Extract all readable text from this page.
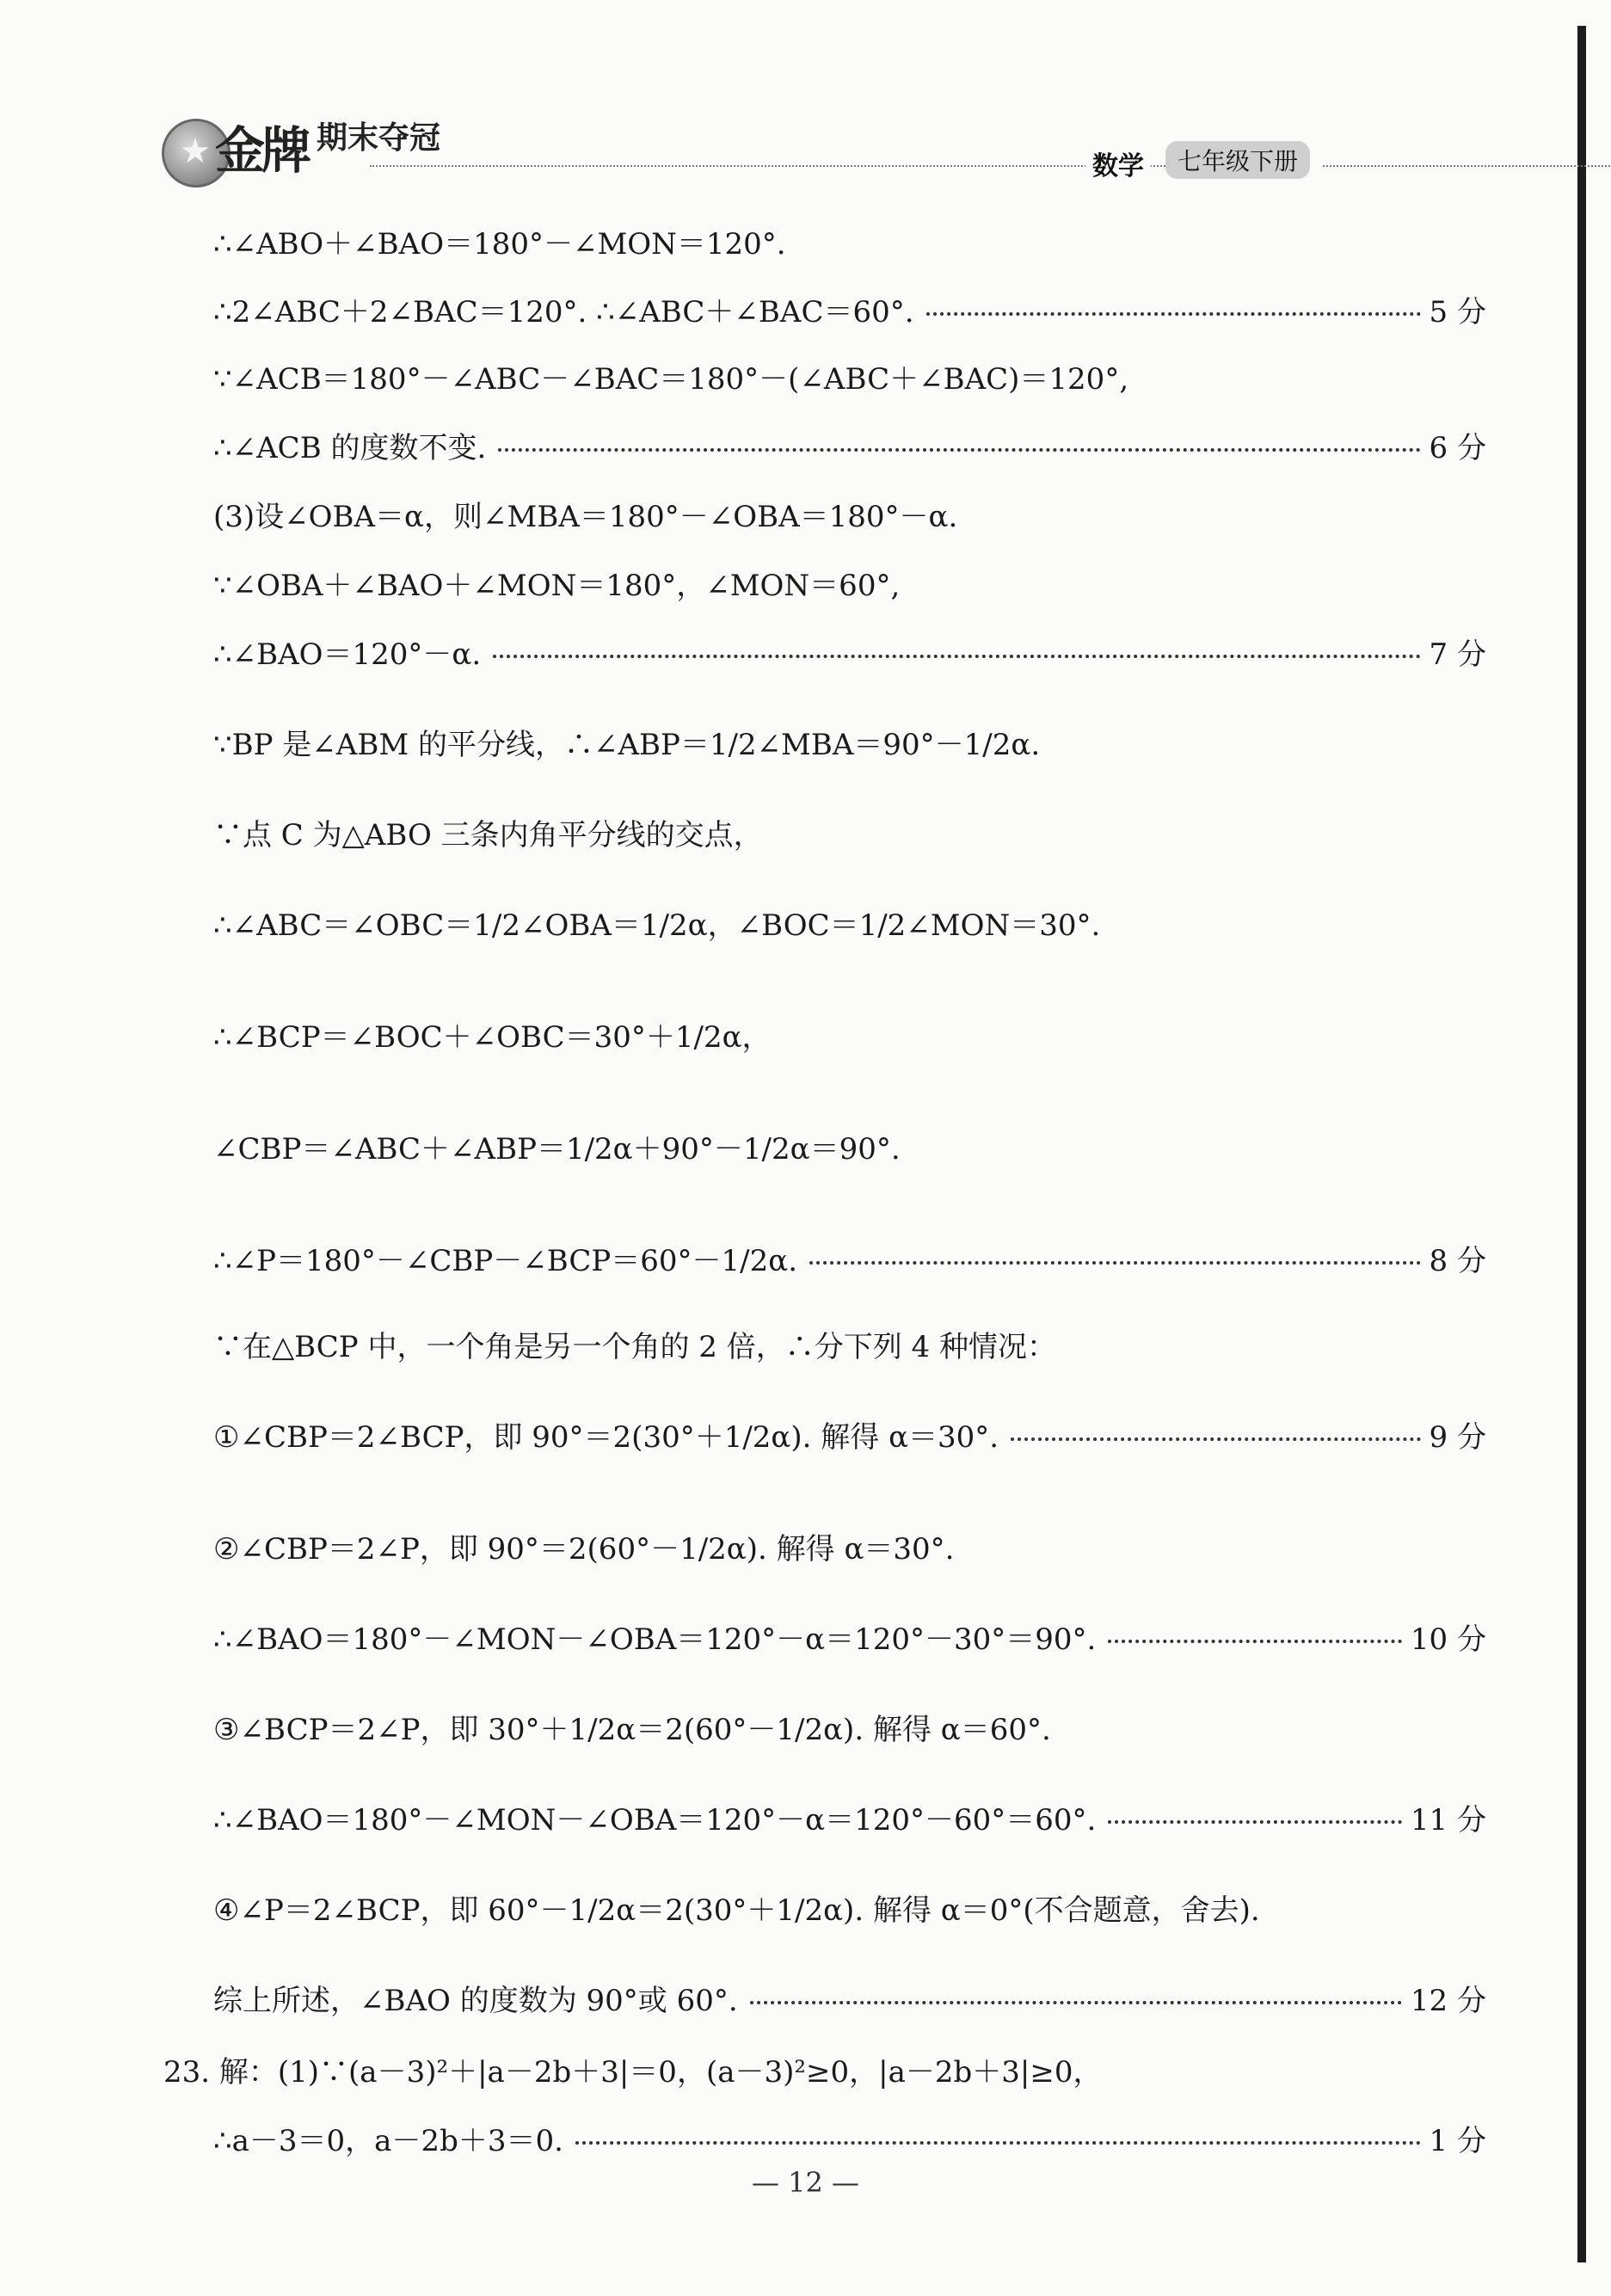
★ 金牌 期末夺冠
数学	七年级下册
∴∠ABO＋∠BAO＝180°－∠MON＝120°.
∴2∠ABC＋2∠BAC＝120°. ∴∠ABC＋∠BAC＝60°.	5 分
∵∠ACB＝180°－∠ABC－∠BAC＝180°－(∠ABC＋∠BAC)＝120°,
∴∠ACB 的度数不变.	6 分
(3)设∠OBA＝α，则∠MBA＝180°－∠OBA＝180°－α.
∵∠OBA＋∠BAO＋∠MON＝180°，∠MON＝60°,
∴∠BAO＝120°－α.	7 分
∵BP 是∠ABM 的平分线，∴∠ABP＝1/2∠MBA＝90°－1/2α.
∵点 C 为△ABO 三条内角平分线的交点，
∴∠ABC＝∠OBC＝1/2∠OBA＝1/2α，∠BOC＝1/2∠MON＝30°.
∴∠BCP＝∠BOC＋∠OBC＝30°＋1/2α，
∠CBP＝∠ABC＋∠ABP＝1/2α＋90°－1/2α＝90°.
∴∠P＝180°－∠CBP－∠BCP＝60°－1/2α.	8 分
∵在△BCP 中，一个角是另一个角的 2 倍，∴分下列 4 种情况：
①∠CBP＝2∠BCP，即 90°＝2(30°＋1/2α). 解得 α＝30°.	9 分
②∠CBP＝2∠P，即 90°＝2(60°－1/2α). 解得 α＝30°.
∴∠BAO＝180°－∠MON－∠OBA＝120°－α＝120°－30°＝90°.	10 分
③∠BCP＝2∠P，即 30°＋1/2α＝2(60°－1/2α). 解得 α＝60°.
∴∠BAO＝180°－∠MON－∠OBA＝120°－α＝120°－60°＝60°.	11 分
④∠P＝2∠BCP，即 60°－1/2α＝2(30°＋1/2α). 解得 α＝0°(不合题意，舍去).
综上所述，∠BAO 的度数为 90°或 60°.	12 分
23. 解：(1)∵(a－3)²＋|a－2b＋3|＝0，(a－3)²≥0，|a－2b＋3|≥0，
∴a－3＝0，a－2b＋3＝0.	1 分
— 12 —
